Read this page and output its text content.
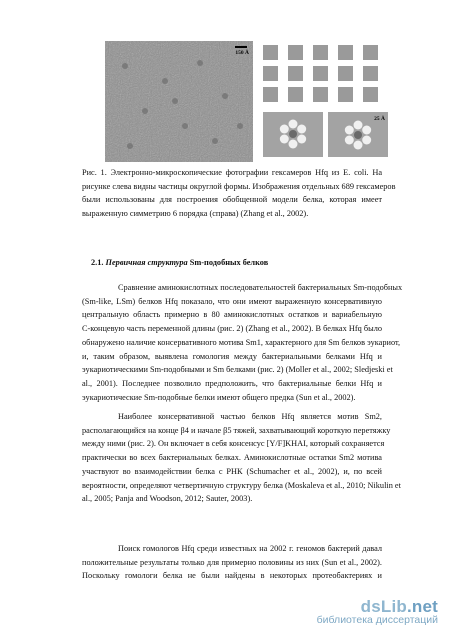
150 Å
25 Å
Рис. 1. Электронно-микроскопические фотографии гексамеров Hfq из E. coli. На
рисунке слева видны частицы округлой формы. Изображения отдельных 689 гексамеров
были использованы для построения обобщенной модели белка, которая имеет
выраженную симметрию 6 порядка (справа) (Zhang et al., 2002).
2.1. Первичная структура Sm-подобных белков
Сравнение аминокислотных последовательностей бактериальных Sm-подобных
(Sm-like, LSm) белков Hfq показало, что они имеют выраженную консервативную
центральную область примерно в 80 аминокислотных остатков и вариабельную
С-концевую часть переменной длины (рис. 2) (Zhang et al., 2002). В белках Hfq было
обнаружено наличие консервативного мотива Sm1, характерного для Sm белков эукариот,
и, таким образом, выявлена гомология между бактериальными белками Hfq и
эукариотическими Sm-подобными и Sm белками (рис. 2) (Moller et al., 2002; Sledjeski et
al., 2001). Последнее позволило предположить, что бактериальные белки Hfq и
эукариотические Sm-подобные белки имеют общего предка (Sun et al., 2002).
Наиболее консервативной частью белков Hfq является мотив Sm2,
располагающийся на конце β4 и начале β5 тяжей, захватывающий короткую перетяжку
между ними (рис. 2). Он включает в себя консенсус [Y/F]KHAI, который сохраняется
практически во всех бактериальных белках. Аминокислотные остатки Sm2 мотива
участвуют во взаимодействии белка с РНК (Schumacher et al., 2002), и, по всей
вероятности, определяют четвертичную структуру белка (Moskaleva et al., 2010; Nikulin et
al., 2005; Panja and Woodson, 2012; Sauter, 2003).
Поиск гомологов Hfq среди известных на 2002 г. геномов бактерий давал
положительные результаты только для примерно половины из них (Sun et al., 2002).
Поскольку гомологи белка не были найдены в некоторых протеобактериях и
dsLib.net
библиотека диссертаций
